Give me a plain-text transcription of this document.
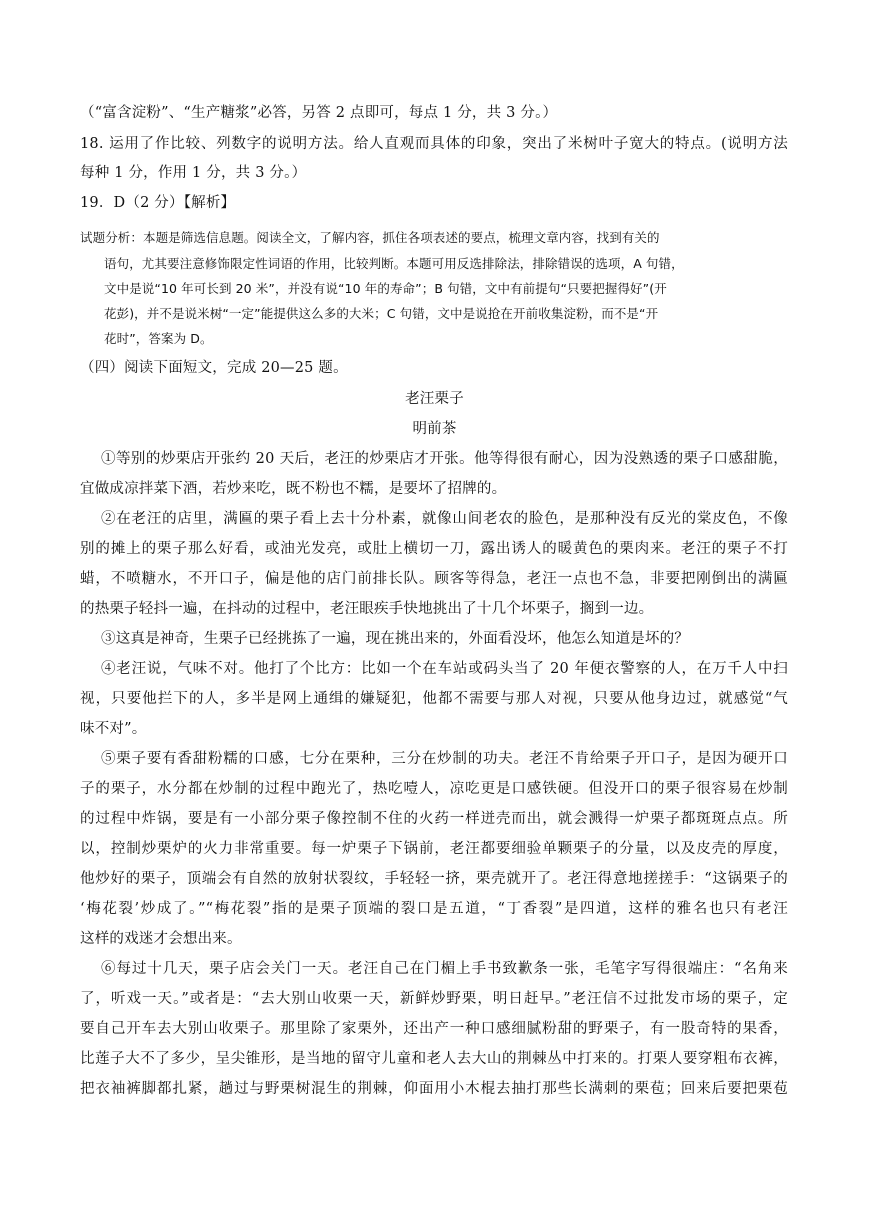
（“富含淀粉”、“生产糖浆”必答，另答 2 点即可，每点 1 分，共 3 分。）
18. 运用了作比较、列数字的说明方法。给人直观而具体的印象，突出了米树叶子宽大的特点。(说明方法
每种 1 分，作用 1 分，共 3 分。）
19．D（2 分）【解析】
试题分析：本题是筛选信息题。阅读全文，了解内容，抓住各项表述的要点，梳理文章内容，找到有关的
语句，尤其要注意修饰限定性词语的作用，比较判断。本题可用反选排除法，排除错误的选项，A 句错，
文中是说“10 年可长到 20 米”，并没有说“10 年的寿命”；B 句错，文中有前提句“只要把握得好”(开
花彭)，并不是说米树“一定”能提供这么多的大米；C 句错，文中是说抢在开前收集淀粉，而不是“开
花时”，答案为 D。
（四）阅读下面短文，完成 20—25 题。
老汪栗子
明前茶
①等别的炒栗店开张约 20 天后，老汪的炒栗店才开张。他等得很有耐心，因为没熟透的栗子口感甜脆，
宜做成凉拌菜下酒，若炒来吃，既不粉也不糯，是要坏了招牌的。
②在老汪的店里，满匾的栗子看上去十分朴素，就像山间老农的脸色，是那种没有反光的棠皮色，不像
别的摊上的栗子那么好看，或油光发亮，或肚上横切一刀，露出诱人的暖黄色的栗肉来。老汪的栗子不打
蜡，不喷糖水，不开口子，偏是他的店门前排长队。顾客等得急，老汪一点也不急，非要把刚倒出的满匾
的热栗子轻抖一遍，在抖动的过程中，老汪眼疾手快地挑出了十几个坏栗子，搁到一边。
③这真是神奇，生栗子已经挑拣了一遍，现在挑出来的，外面看没坏，他怎么知道是坏的？
④老汪说，气味不对。他打了个比方：比如一个在车站或码头当了 20 年便衣警察的人，在万千人中扫
视，只要他拦下的人，多半是网上通缉的嫌疑犯，他都不需要与那人对视，只要从他身边过，就感觉“气
味不对”。
⑤栗子要有香甜粉糯的口感，七分在栗种，三分在炒制的功夫。老汪不肯给栗子开口子，是因为硬开口
子的栗子，水分都在炒制的过程中跑光了，热吃噎人，凉吃更是口感铁硬。但没开口的栗子很容易在炒制
的过程中炸锅，要是有一小部分栗子像控制不住的火药一样迸壳而出，就会溅得一炉栗子都斑斑点点。所
以，控制炒栗炉的火力非常重要。每一炉栗子下锅前，老汪都要细验单颗栗子的分量，以及皮壳的厚度，
他炒好的栗子，顶端会有自然的放射状裂纹，手轻轻一挤，栗壳就开了。老汪得意地搓搓手：“这锅栗子的
‘梅花裂’炒成了。”“梅花裂”指的是栗子顶端的裂口是五道，“丁香裂”是四道，这样的雅名也只有老汪
这样的戏迷才会想出来。
⑥每过十几天，栗子店会关门一天。老汪自己在门楣上手书致歉条一张，毛笔字写得很端庄：“名角来
了，听戏一天。”或者是：“去大别山收栗一天，新鲜炒野栗，明日赶早。”老汪信不过批发市场的栗子，定
要自己开车去大别山收栗子。那里除了家栗外，还出产一种口感细腻粉甜的野栗子，有一股奇特的果香，
比莲子大不了多少，呈尖锥形，是当地的留守儿童和老人去大山的荆棘丛中打来的。打栗人要穿粗布衣裤，
把衣袖裤脚都扎紧，趟过与野栗树混生的荆棘，仰面用小木棍去抽打那些长满刺的栗苞；回来后要把栗苞
